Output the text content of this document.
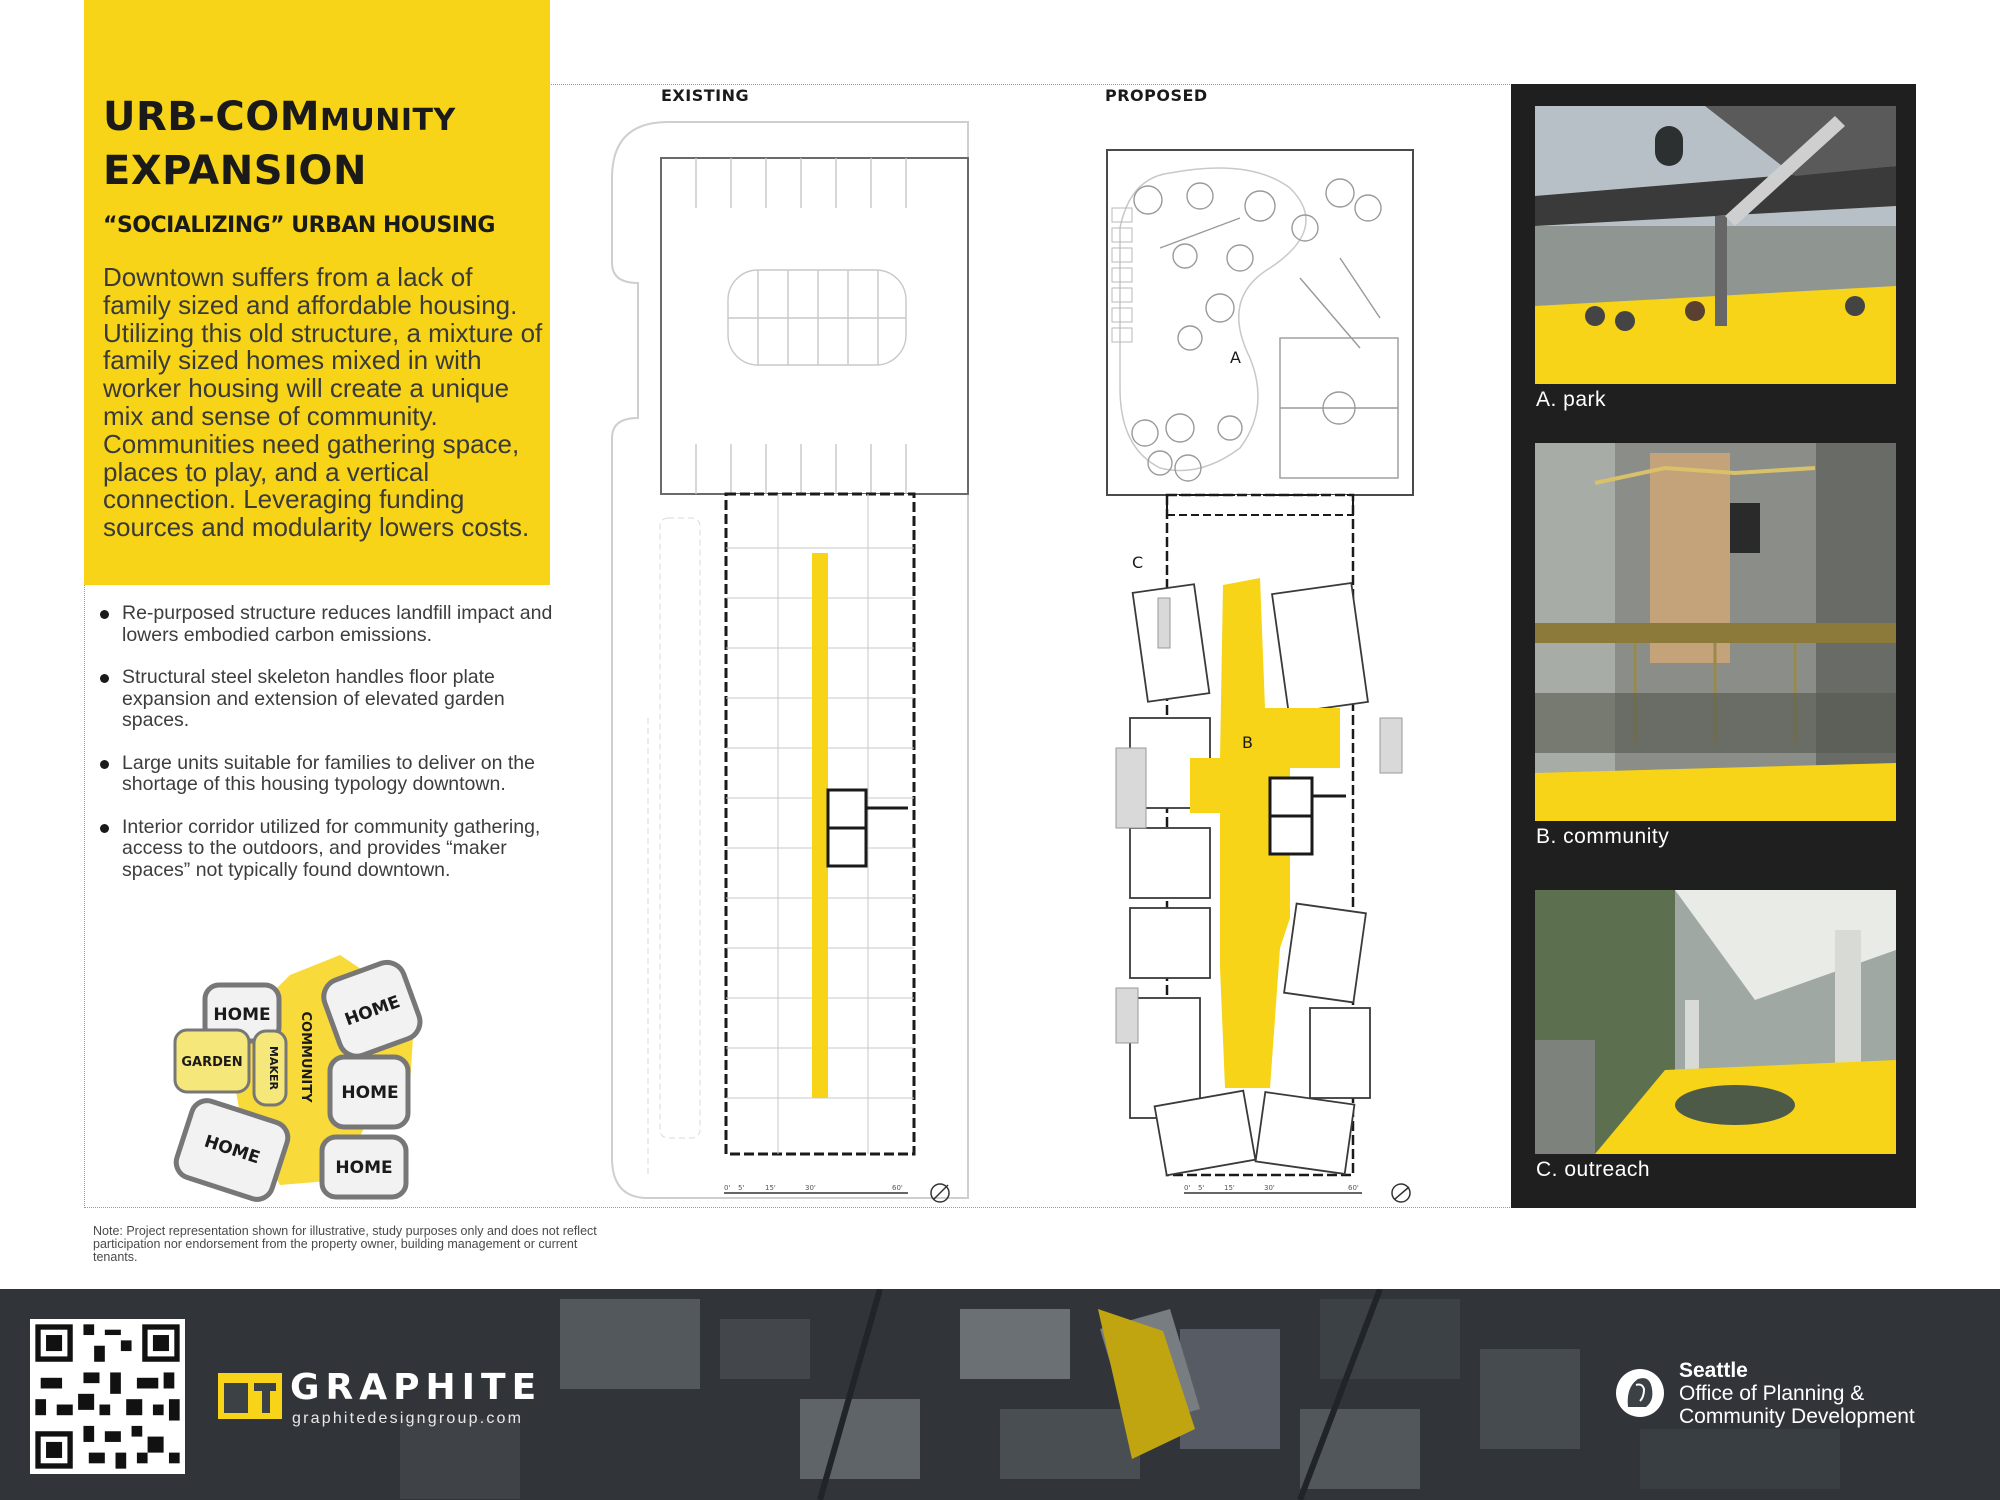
URB-COMMUNITY
EXPANSION
“SOCIALIZING” URBAN HOUSING
Downtown suffers from a lack of family sized and affordable housing. Utilizing this old structure, a mixture of family sized homes mixed in with worker housing will create a unique mix and sense of community. Communities need gathering space, places to play, and a vertical connection. Leveraging funding sources and modularity lowers costs.
Re-purposed structure reduces landfill impact and lowers embodied carbon emissions.
Structural steel skeleton handles floor plate expansion and extension of elevated garden spaces.
Large units suitable for families to deliver on the shortage of this housing typology downtown.
Interior corridor utilized for community gathering, access to the outdoors, and provides “maker spaces” not typically found downtown.
HOME	HOME
GARDEN MAKER COMMUNITY HOME
HOME	HOME
EXISTING	PROPOSED
0' 5'	15'	30'	60'
A
B
C
0' 5'	15'	30'	60'
A. park
B. community
C. outreach
Note: Project representation shown for illustrative, study purposes only and does not reflect participation nor endorsement from the property owner, building management or current tenants.
GRAPHITE
graphitedesigngroup.com
Seattle
Office of Planning &
Community Development
